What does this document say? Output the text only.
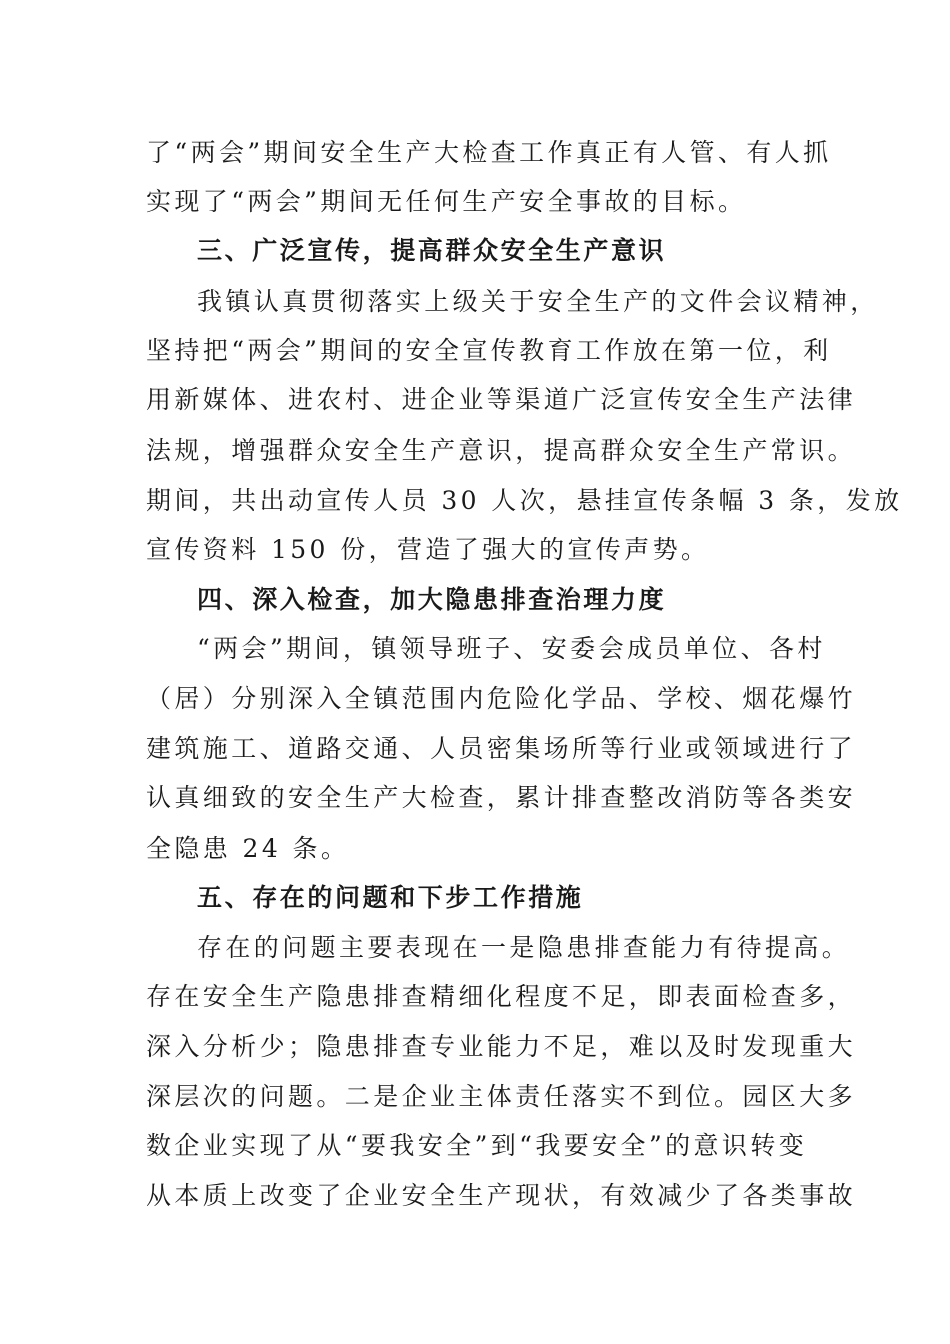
了“两会”期间安全生产大检查工作真正有人管、有人抓
实现了“两会”期间无任何生产安全事故的目标。
三、广泛宣传，提高群众安全生产意识
我镇认真贯彻落实上级关于安全生产的文件会议精神，
坚持把“两会”期间的安全宣传教育工作放在第一位，利
用新媒体、进农村、进企业等渠道广泛宣传安全生产法律
法规，增强群众安全生产意识，提高群众安全生产常识。
期间，共出动宣传人员 30 人次，悬挂宣传条幅 3 条，发放
宣传资料 150 份，营造了强大的宣传声势。
四、深入检查，加大隐患排查治理力度
“两会”期间，镇领导班子、安委会成员单位、各村
（居）分别深入全镇范围内危险化学品、学校、烟花爆竹
建筑施工、道路交通、人员密集场所等行业或领域进行了
认真细致的安全生产大检查，累计排查整改消防等各类安
全隐患 24 条。
五、存在的问题和下步工作措施
存在的问题主要表现在一是隐患排查能力有待提高。
存在安全生产隐患排查精细化程度不足，即表面检查多，
深入分析少；隐患排查专业能力不足，难以及时发现重大
深层次的问题。二是企业主体责任落实不到位。园区大多
数企业实现了从“要我安全”到“我要安全”的意识转变
从本质上改变了企业安全生产现状，有效减少了各类事故
